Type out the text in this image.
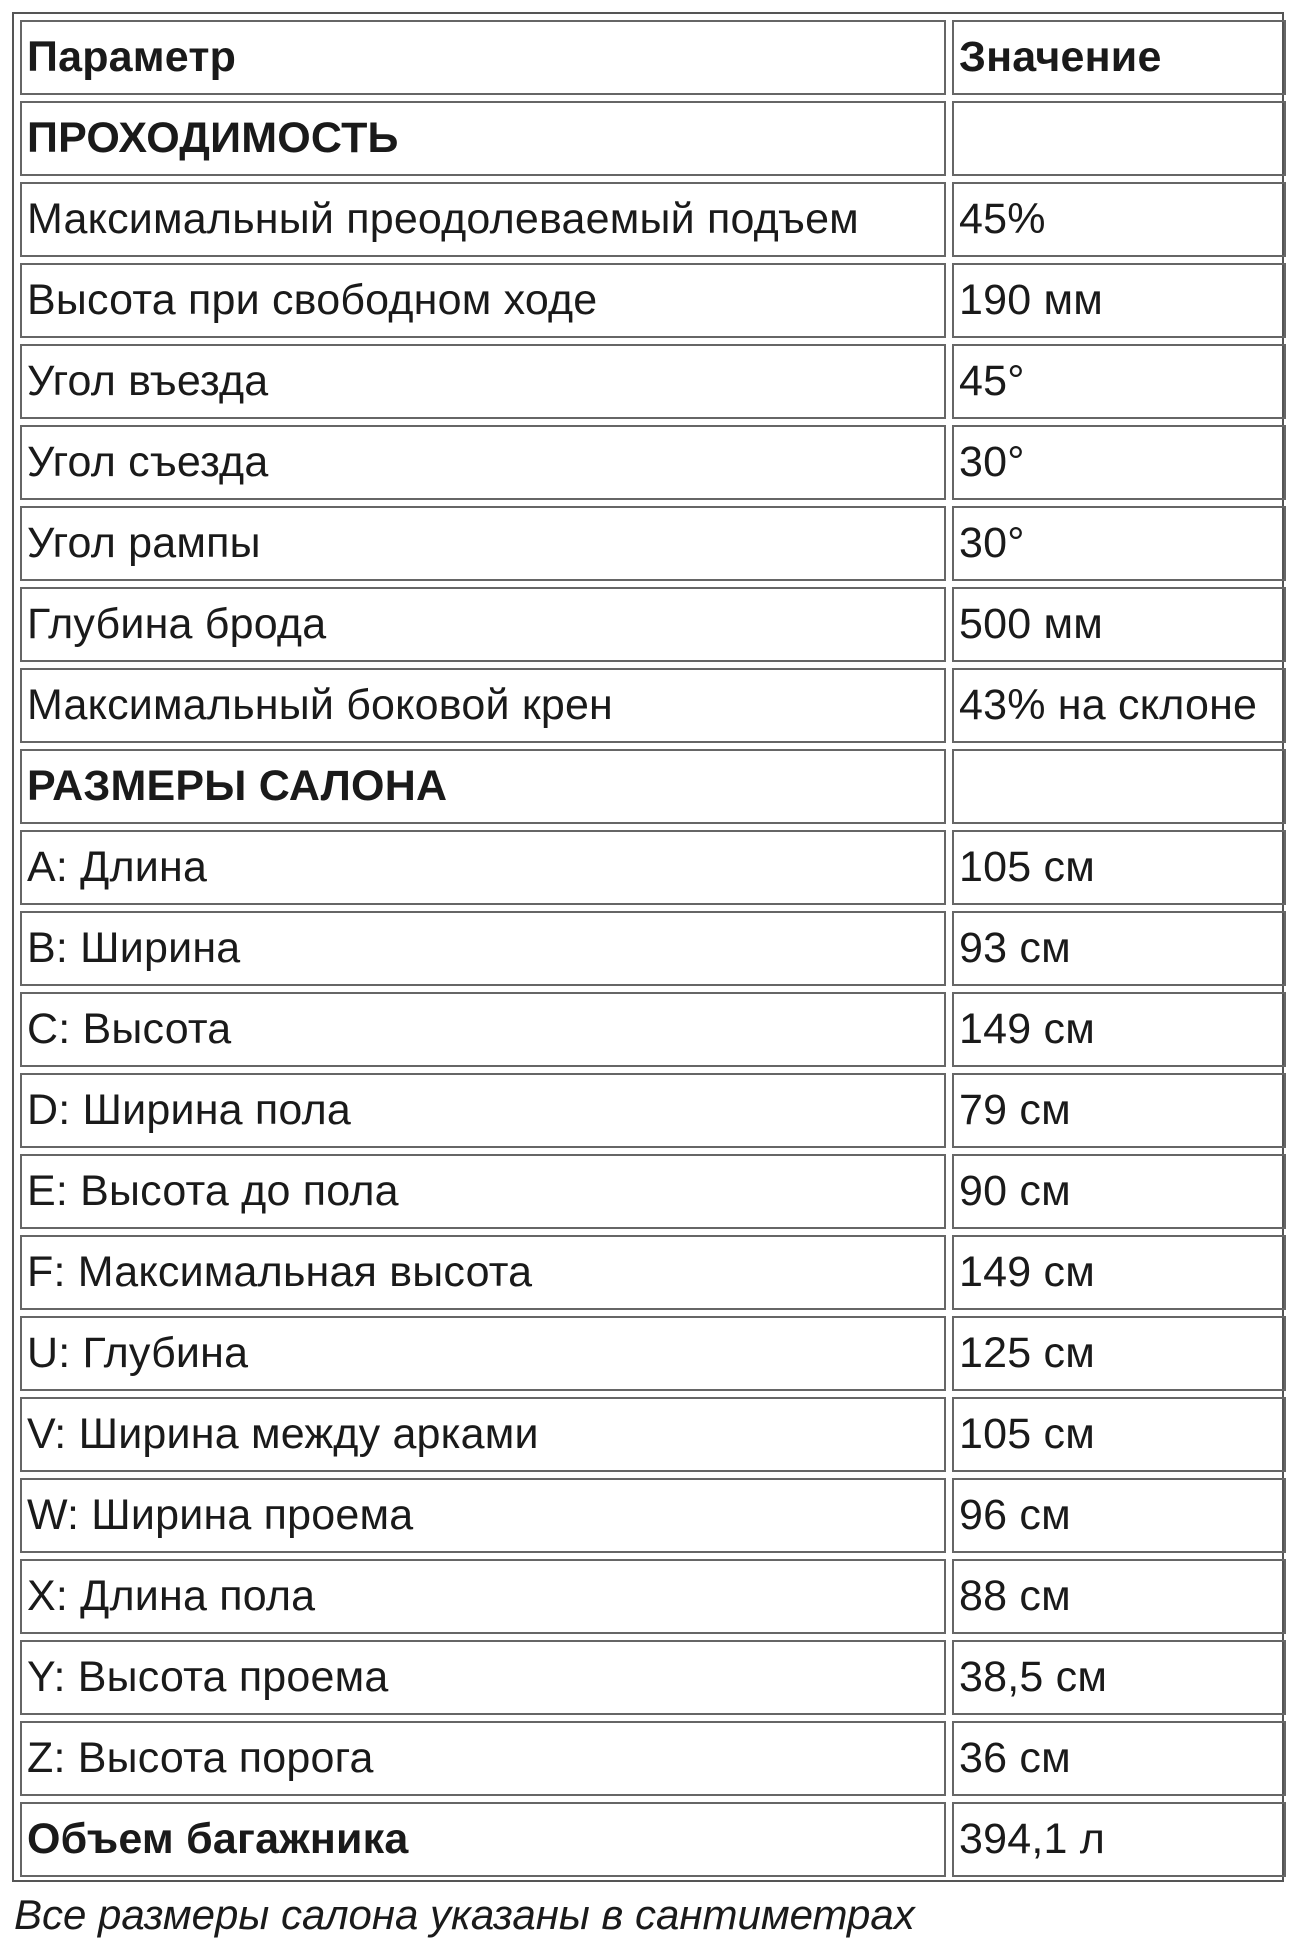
Параметр	Значение
ПРОХОДИМОСТЬ	
Максимальный преодолеваемый подъем	45%
Высота при свободном ходе	190 мм
Угол въезда	45°
Угол съезда	30°
Угол рампы	30°
Глубина брода	500 мм
Максимальный боковой крен	43% на склоне
РАЗМЕРЫ САЛОНА	
A: Длина	105 см
B: Ширина	93 см
C: Высота	149 см
D: Ширина пола	79 см
E: Высота до пола	90 см
F: Максимальная высота	149 см
U: Глубина	125 см
V: Ширина между арками	105 см
W: Ширина проема	96 см
X: Длина пола	88 см
Y: Высота проема	38,5 см
Z: Высота порога	36 см
Объем багажника	394,1 л
Все размеры салона указаны в сантиметрах
